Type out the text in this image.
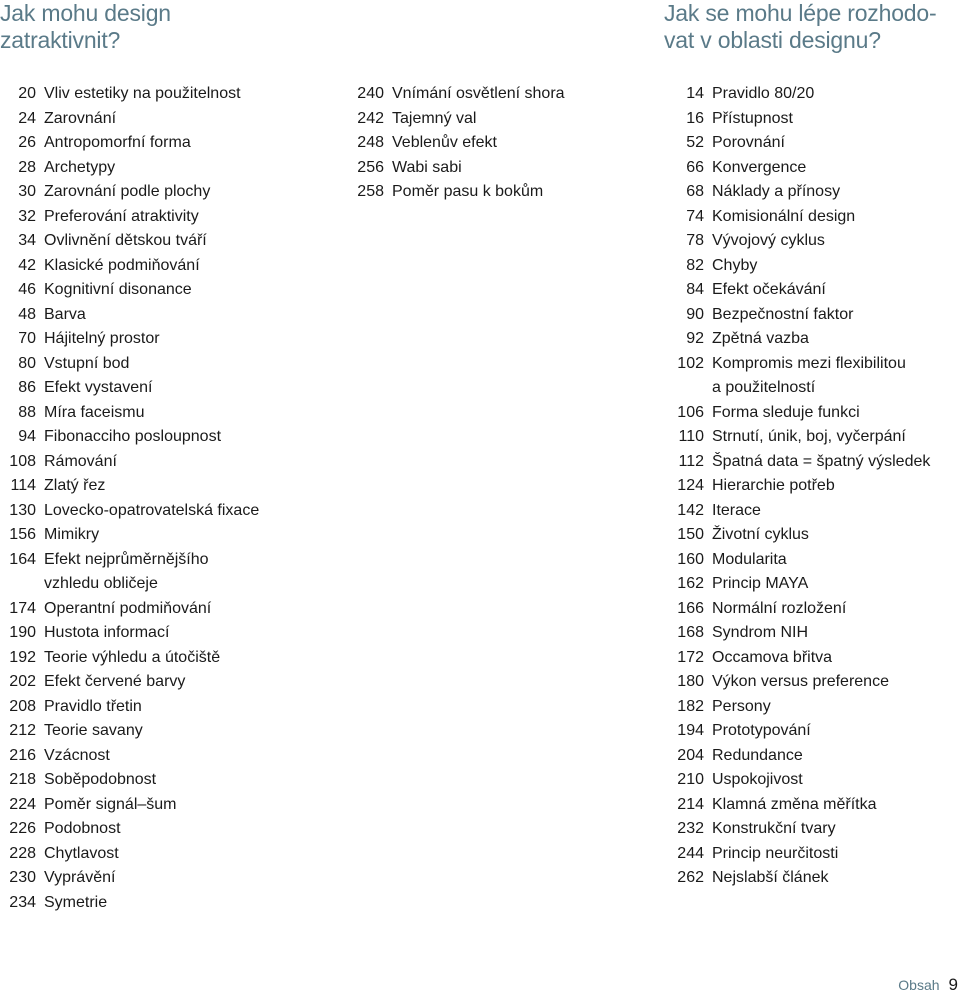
Jak mohu design
zatraktivnit?
Jak se mohu lépe rozhodo-
vat v oblasti designu?
20 Vliv estetiky na použitelnost
24 Zarovnání
26 Antropomorfní forma
28 Archetypy
30 Zarovnání podle plochy
32 Preferování atraktivity
34 Ovlivnění dětskou tváří
42 Klasické podmiňování
46 Kognitivní disonance
48 Barva
70 Hájitelný prostor
80 Vstupní bod
86 Efekt vystavení
88 Míra faceismu
94 Fibonacciho posloupnost
108 Rámování
114 Zlatý řez
130 Lovecko-opatrovatelská fixace
156 Mimikry
164 Efekt nejprůměrnějšího
vzhledu obličeje
174 Operantní podmiňování
190 Hustota informací
192 Teorie výhledu a útočiště
202 Efekt červené barvy
208 Pravidlo třetin
212 Teorie savany
216 Vzácnost
218 Soběpodobnost
224 Poměr signál–šum
226 Podobnost
228 Chytlavost
230 Vyprávění
234 Symetrie
240 Vnímání osvětlení shora
242 Tajemný val
248 Veblenův efekt
256 Wabi sabi
258 Poměr pasu k bokům
14 Pravidlo 80/20
16 Přístupnost
52 Porovnání
66 Konvergence
68 Náklady a přínosy
74 Komisionální design
78 Vývojový cyklus
82 Chyby
84 Efekt očekávání
90 Bezpečnostní faktor
92 Zpětná vazba
102 Kompromis mezi flexibilitou
a použitelností
106 Forma sleduje funkci
110 Strnutí, únik, boj, vyčerpání
112 Špatná data = špatný výsledek
124 Hierarchie potřeb
142 Iterace
150 Životní cyklus
160 Modularita
162 Princip MAYA
166 Normální rozložení
168 Syndrom NIH
172 Occamova břitva
180 Výkon versus preference
182 Persony
194 Prototypování
204 Redundance
210 Uspokojivost
214 Klamná změna měřítka
232 Konstrukční tvary
244 Princip neurčitosti
262 Nejslabší článek
Obsah 9
